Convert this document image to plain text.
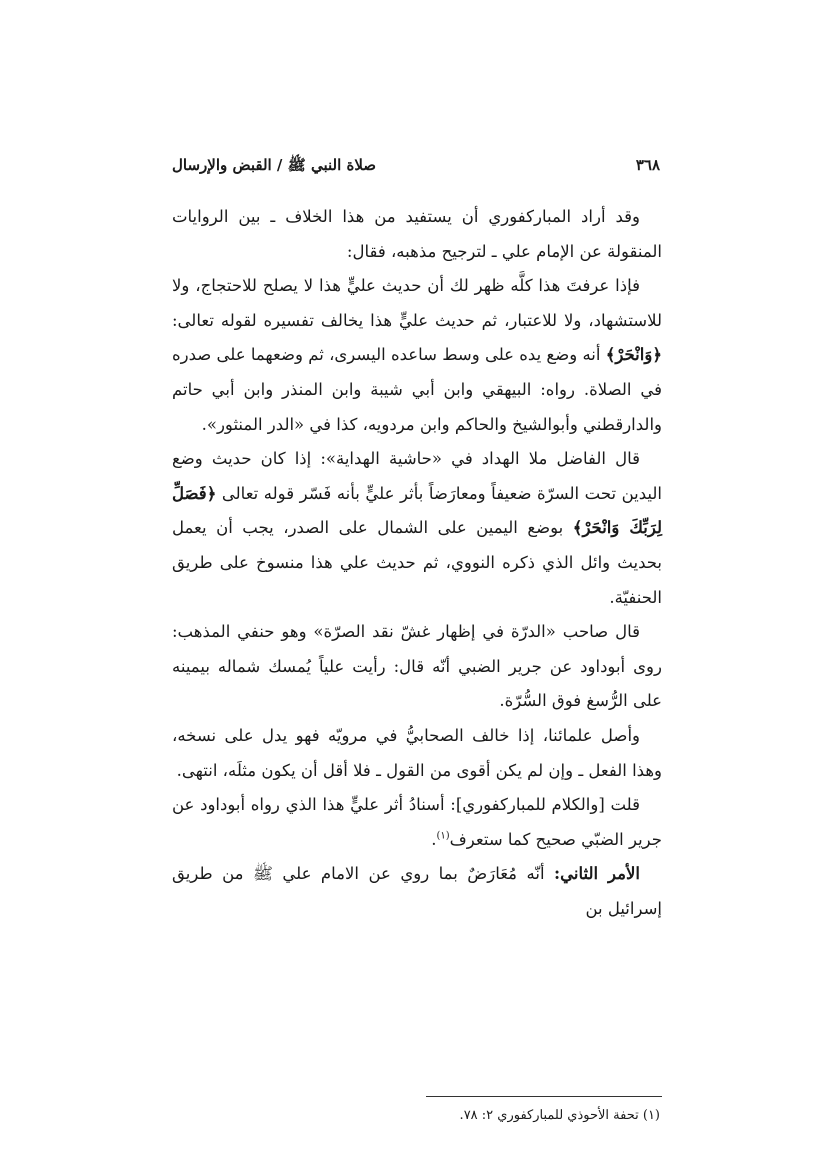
٣٦٨
صلاة النبي ﷺ / القبض والإرسال

وقد أراد المباركفوري أن يستفيد من هذا الخلاف ـ بين الروايات المنقولة عن الإمام علي ـ لترجيح مذهبه، فقال:

فإذا عرفتَ هذا كلَّه ظهر لك أن حديث عليٍّ هذا لا يصلح للاحتجاج، ولا للاستشهاد، ولا للاعتبار، ثم حديث عليٍّ هذا يخالف تفسيره لقوله تعالى: ﴿وَانْحَرْ﴾ أنه وضع يده على وسط ساعده اليسرى، ثم وضعهما على صدره في الصلاة. رواه: البيهقي وابن أبي شيبة وابن المنذر وابن أبي حاتم والدارقطني وأبوالشيخ والحاكم وابن مردويه، كذا في «الدر المنثور».

قال الفاضل ملا الهداد في «حاشية الهداية»: إذا كان حديث وضع اليدين تحت السرّة ضعيفاً ومعارَضاً بأثر عليٍّ بأنه فَسّر قوله تعالى ﴿فَصَلِّ لِرَبِّكَ وَانْحَرْ﴾ بوضع اليمين على الشمال على الصدر، يجب أن يعمل بحديث وائل الذي ذكره النووي، ثم حديث علي هذا منسوخ على طريق الحنفيّة.

قال صاحب «الدرّة في إظهار غشّ نقد الصرّة» وهو حنفي المذهب: روى أبوداود عن جرير الضبي أنّه قال: رأيت علياً يُمسك شماله بيمينه على الرُّسغ فوق السُّرّة.

وأصل علمائنا، إذا خالف الصحابيُّ في مرويّه فهو يدل على نسخه، وهذا الفعل ـ وإن لم يكن أقوى من القول ـ فلا أقل أن يكون مثلَه، انتهى.

قلت [والكلام للمباركفوري]: أسنادُ أثر عليٍّ هذا الذي رواه أبوداود عن جرير الضبّي صحيح كما ستعرف$^{(١)}$.

الأمر الثاني: أنّه مُعَارَضٌ بما روي عن الامام علي ﷺ من طريق إسرائيل بن

(١) تحفة الأحوذي للمباركفوري ٢: ٧٨.
